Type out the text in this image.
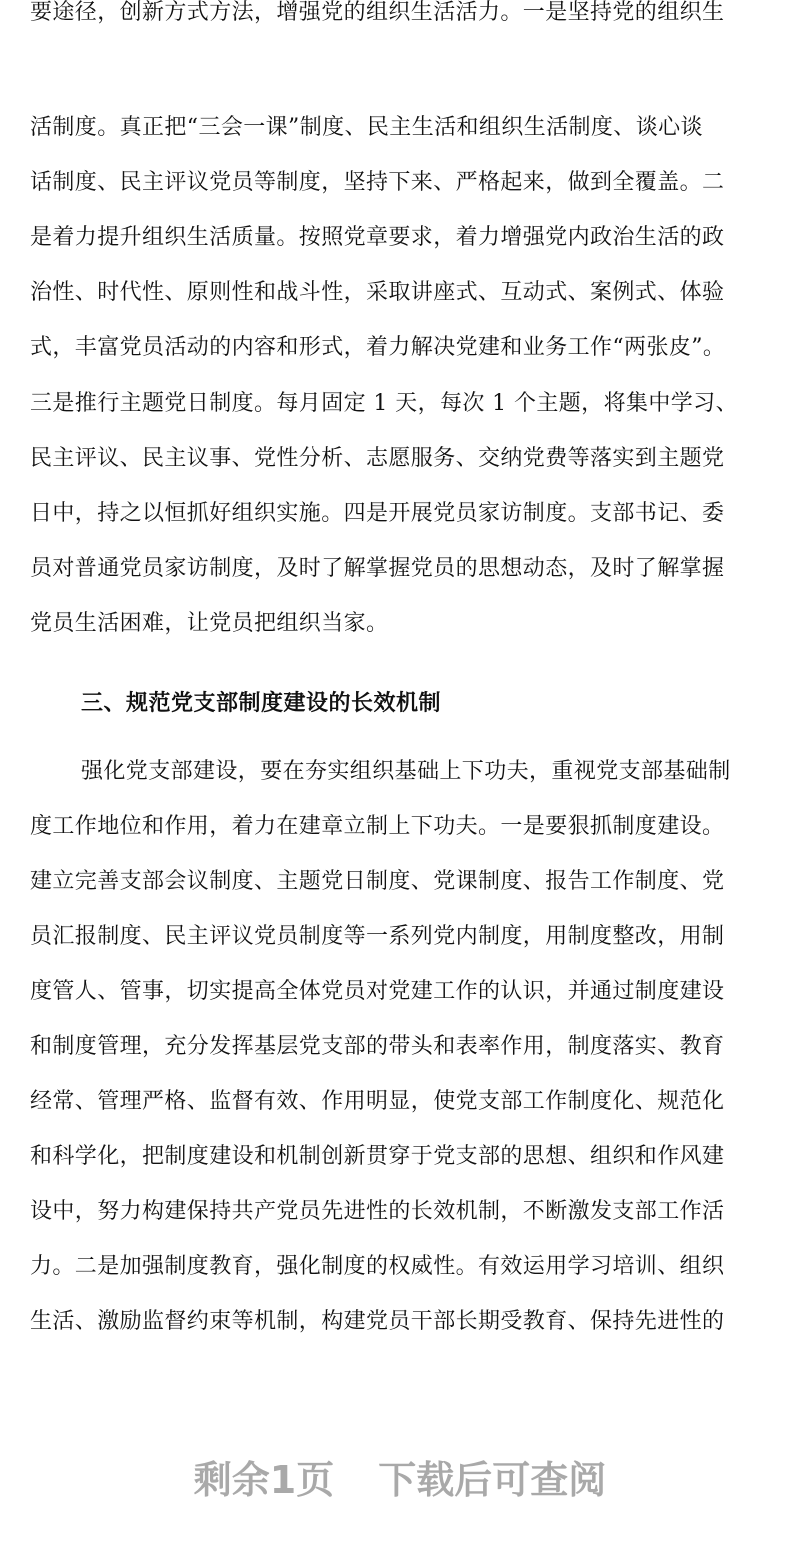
要途径，创新方式方法，增强党的组织生活活力。一是坚持党的组织生
活制度。真正把“三会一课”制度、民主生活和组织生活制度、谈心谈
话制度、民主评议党员等制度，坚持下来、严格起来，做到全覆盖。二
是着力提升组织生活质量。按照党章要求，着力增强党内政治生活的政
治性、时代性、原则性和战斗性，采取讲座式、互动式、案例式、体验
式，丰富党员活动的内容和形式，着力解决党建和业务工作“两张皮”。
三是推行主题党日制度。每月固定 1 天，每次 1 个主题，将集中学习、
民主评议、民主议事、党性分析、志愿服务、交纳党费等落实到主题党
日中，持之以恒抓好组织实施。四是开展党员家访制度。支部书记、委
员对普通党员家访制度，及时了解掌握党员的思想动态，及时了解掌握
党员生活困难，让党员把组织当家。
三、规范党支部制度建设的长效机制
强化党支部建设，要在夯实组织基础上下功夫，重视党支部基础制
度工作地位和作用，着力在建章立制上下功夫。一是要狠抓制度建设。
建立完善支部会议制度、主题党日制度、党课制度、报告工作制度、党
员汇报制度、民主评议党员制度等一系列党内制度，用制度整改，用制
度管人、管事，切实提高全体党员对党建工作的认识，并通过制度建设
和制度管理，充分发挥基层党支部的带头和表率作用，制度落实、教育
经常、管理严格、监督有效、作用明显，使党支部工作制度化、规范化
和科学化，把制度建设和机制创新贯穿于党支部的思想、组织和作风建
设中，努力构建保持共产党员先进性的长效机制，不断激发支部工作活
力。二是加强制度教育，强化制度的权威性。有效运用学习培训、组织
生活、激励监督约束等机制，构建党员干部长期受教育、保持先进性的
剩余1页 下载后可查阅
